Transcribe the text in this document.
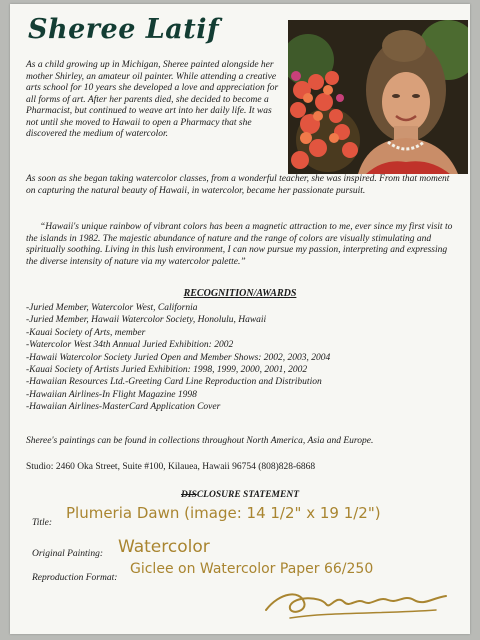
Sheree Latif
As a child growing up in Michigan, Sheree painted alongside her mother Shirley, an amateur oil painter. While attending a creative arts school for 10 years she developed a love and appreciation for all forms of art. After her parents died, she decided to become a Pharmacist, but continued to weave art into her daily life. It was not until she moved to Hawaii to open a Pharmacy that she discovered the medium of watercolor.
As soon as she began taking watercolor classes, from a wonderful teacher, she was inspired. From that moment on capturing the natural beauty of Hawaii, in watercolor, became her passionate pursuit.
“Hawaii's unique rainbow of vibrant colors has been a magnetic attraction to me, ever since my first visit to the islands in 1982. The majestic abundance of nature and the range of colors are visually stimulating and spiritually soothing. Living in this lush environment, I can now pursue my passion, interpreting and expressing the diverse intensity of nature via my watercolor palette.”
RECOGNITION/AWARDS
-Juried Member, Watercolor West, California
-Juried Member, Hawaii Watercolor Society, Honolulu, Hawaii
-Kauai Society of Arts, member
-Watercolor West 34th Annual Juried Exhibition: 2002
-Hawaii Watercolor Society Juried Open and Member Shows: 2002, 2003, 2004
-Kauai Society of Artists Juried Exhibition: 1998, 1999, 2000, 2001, 2002
-Hawaiian Resources Ltd.-Greeting Card Line Reproduction and Distribution
-Hawaiian Airlines-In Flight Magazine 1998
-Hawaiian Airlines-MasterCard Application Cover
Sheree's paintings can be found in collections throughout North America, Asia and Europe.
Studio: 2460 Oka Street, Suite #100, Kilauea, Hawaii 96754 (808)828-6868
DISCLOSURE STATEMENT
Title:
Plumeria Dawn (image: 14 1/2" x 19 1/2")
Original Painting: Watercolor
Reproduction Format:
Giclee on Watercolor Paper 66/250
